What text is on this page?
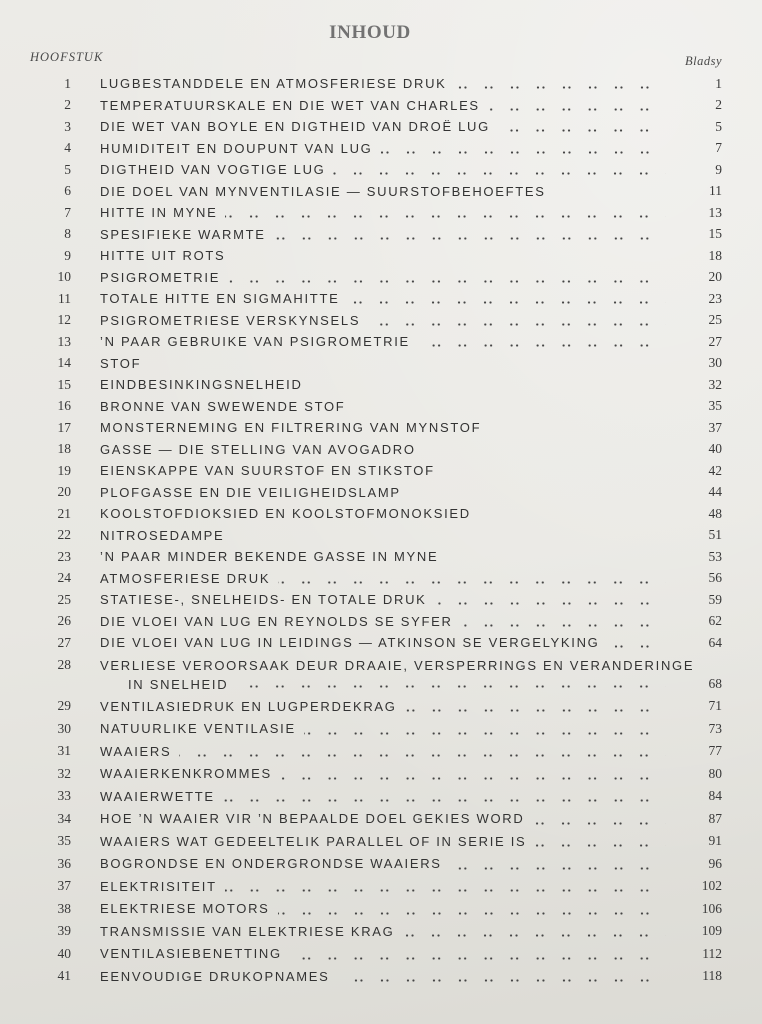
INHOUD
HOOFSTUK	Bladsy
1 LUGBESTANDDELE EN ATMOSFERIESE DRUK	1
2 TEMPERATUURSKALE EN DIE WET VAN CHARLES	2
3 DIE WET VAN BOYLE EN DIGTHEID VAN DROË LUG	5
4 HUMIDITEIT EN DOUPUNT VAN LUG	7
5 DIGTHEID VAN VOGTIGE LUG	9
6 DIE DOEL VAN MYNVENTILASIE — SUURSTOFBEHOEFTES	11
7 HITTE IN MYNE	13
8 SPESIFIEKE WARMTE	15
9 HITTE UIT ROTS	18
10 PSIGROMETRIE	20
11 TOTALE HITTE EN SIGMAHITTE	23
12 PSIGROMETRIESE VERSKYNSELS	25
13 ’N PAAR GEBRUIKE VAN PSIGROMETRIE	27
14 STOF	30
15 EINDBESINKINGSNELHEID	32
16 BRONNE VAN SWEWENDE STOF	35
17 MONSTERNEMING EN FILTRERING VAN MYNSTOF	37
18 GASSE — DIE STELLING VAN AVOGADRO	40
19 EIENSKAPPE VAN SUURSTOF EN STIKSTOF	42
20 PLOFGASSE EN DIE VEILIGHEIDSLAMP	44
21 KOOLSTOFDIOKSIED EN KOOLSTOFMONOKSIED	48
22 NITROSEDAMPE	51
23 ’N PAAR MINDER BEKENDE GASSE IN MYNE	53
24 ATMOSFERIESE DRUK	56
25 STATIESE-, SNELHEIDS- EN TOTALE DRUK	59
26 DIE VLOEI VAN LUG EN REYNOLDS SE SYFER	62
27 DIE VLOEI VAN LUG IN LEIDINGS — ATKINSON SE VERGELYKING	64
28 VERLIESE VEROORSAAK DEUR DRAAIE, VERSPERRINGS EN VERANDERINGE
IN SNELHEID	68
29 VENTILASIEDRUK EN LUGPERDEKRAG	71
30 NATUURLIKE VENTILASIE	73
31 WAAIERS	77
32 WAAIERKENKROMMES	80
33 WAAIERWETTE	84
34 HOE ’N WAAIER VIR ’N BEPAALDE DOEL GEKIES WORD	87
35 WAAIERS WAT GEDEELTELIK PARALLEL OF IN SERIE IS	91
36 BOGRONDSE EN ONDERGRONDSE WAAIERS	96
37 ELEKTRISITEIT	102
38 ELEKTRIESE MOTORS	106
39 TRANSMISSIE VAN ELEKTRIESE KRAG	109
40 VENTILASIEBENETTING	112
41 EENVOUDIGE DRUKOPNAMES	118
